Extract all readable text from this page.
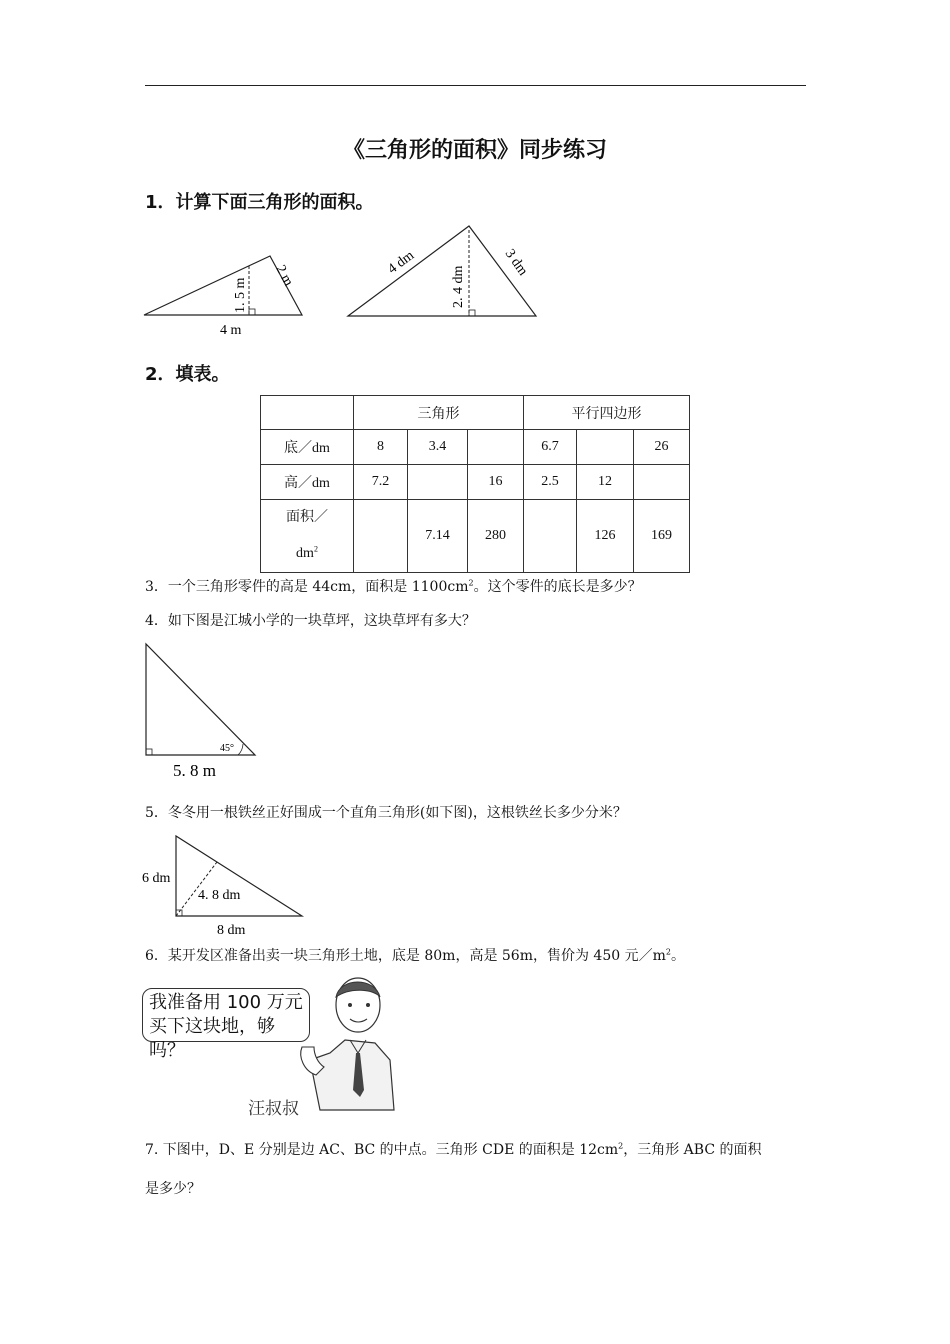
《三角形的面积》同步练习
1．计算下面三角形的面积。
1. 5 m
2 m
4 m
4 dm
2. 4 dm
3 dm
2．填表。
	三角形			平行四边形		
底／dm	8	3.4		6.7		26
高／dm	7.2		16	2.5	12	

面积／
$dm^2$		7.14	280		126	169
3．一个三角形零件的高是 44cm，面积是 $1100cm^2$。这个零件的底长是多少？
4．如下图是江城小学的一块草坪，这块草坪有多大？
45°
5. 8 m
5．冬冬用一根铁丝正好围成一个直角三角形(如下图)，这根铁丝长多少分米？
6 dm
4. 8 dm
8 dm
6．某开发区准备出卖一块三角形土地，底是 80m，高是 56m，售价为 450 元$/m^2$。
我准备用 100 万元
买下这块地，够吗？
汪叔叔
7. 下图中，D、E 分别是边 AC、BC 的中点。三角形 CDE 的面积是 $12cm^2$，三角形 ABC 的面积
是多少？
